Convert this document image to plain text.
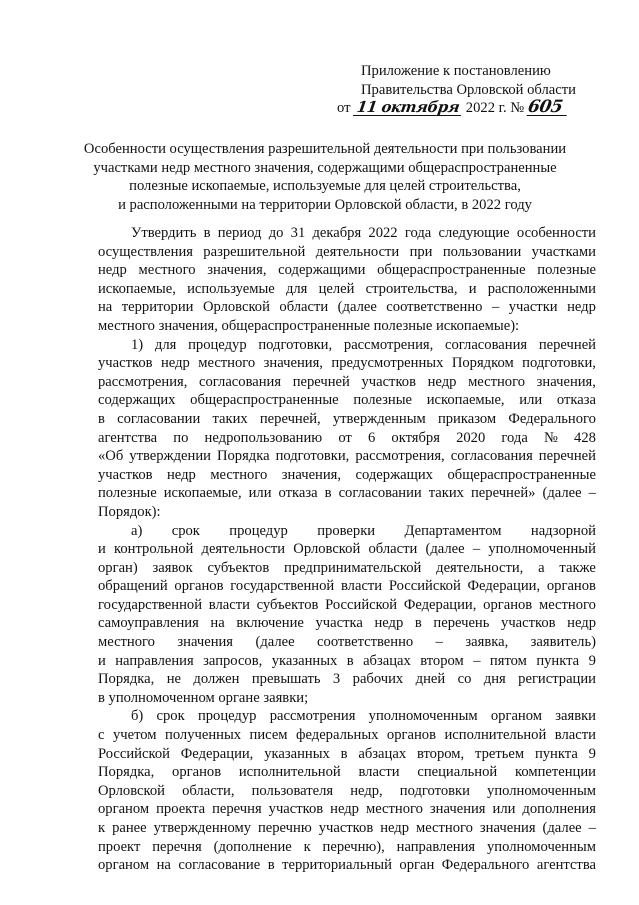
Приложение к постановлению
Правительства Орловской области
от 11 октября 2022 г. № 605
Особенности осуществления разрешительной деятельности при пользовании
участками недр местного значения, содержащими общераспространенные
полезные ископаемые, используемые для целей строительства,
и расположенными на территории Орловской области, в 2022 году
Утвердить в период до 31 декабря 2022 года следующие особенности
осуществления разрешительной деятельности при пользовании участками
недр местного значения, содержащими общераспространенные полезные
ископаемые, используемые для целей строительства, и расположенными
на территории Орловской области (далее соответственно – участки недр
местного значения, общераспространенные полезные ископаемые):
1) для процедур подготовки, рассмотрения, согласования перечней
участков недр местного значения, предусмотренных Порядком подготовки,
рассмотрения, согласования перечней участков недр местного значения,
содержащих общераспространенные полезные ископаемые, или отказа
в согласовании таких перечней, утвержденным приказом Федерального
агентства по недропользованию от 6 октября 2020 года № 428
«Об утверждении Порядка подготовки, рассмотрения, согласования перечней
участков недр местного значения, содержащих общераспространенные
полезные ископаемые, или отказа в согласовании таких перечней» (далее –
Порядок):
а) срок процедур проверки Департаментом надзорной
и контрольной деятельности Орловской области (далее – уполномоченный
орган) заявок субъектов предпринимательской деятельности, а также
обращений органов государственной власти Российской Федерации, органов
государственной власти субъектов Российской Федерации, органов местного
самоуправления на включение участка недр в перечень участков недр
местного значения (далее соответственно – заявка, заявитель)
и направления запросов, указанных в абзацах втором – пятом пункта 9
Порядка, не должен превышать 3 рабочих дней со дня регистрации
в уполномоченном органе заявки;
б) срок процедур рассмотрения уполномоченным органом заявки
с учетом полученных писем федеральных органов исполнительной власти
Российской Федерации, указанных в абзацах втором, третьем пункта 9
Порядка, органов исполнительной власти специальной компетенции
Орловской области, пользователя недр, подготовки уполномоченным
органом проекта перечня участков недр местного значения или дополнения
к ранее утвержденному перечню участков недр местного значения (далее –
проект перечня (дополнение к перечню), направления уполномоченным
органом на согласование в территориальный орган Федерального агентства
